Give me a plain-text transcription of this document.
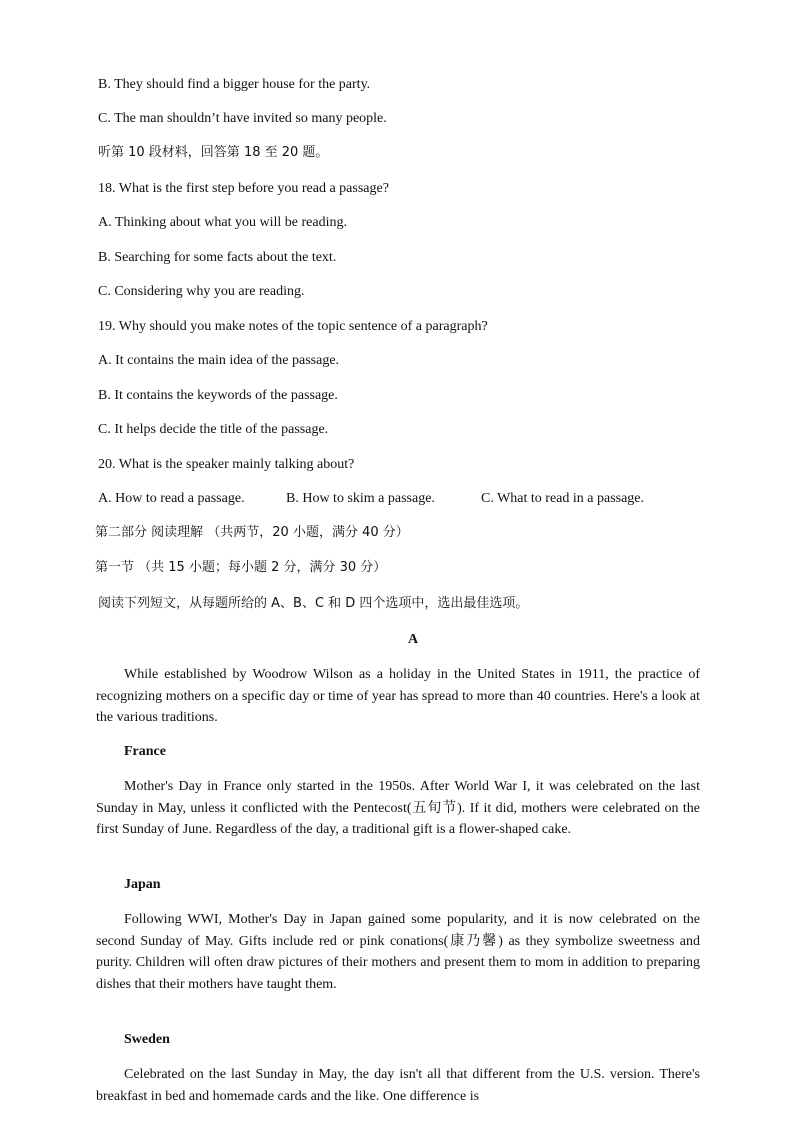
B. They should find a bigger house for the party.
C. The man shouldn’t have invited so many people.
听第 10 段材料，回答第 18 至 20 题。
18. What is the first step before you read a passage?
A. Thinking about what you will be reading.
B. Searching for some facts about the text.
C. Considering why you are reading.
19. Why should you make notes of the topic sentence of a paragraph?
A. It contains the main idea of the passage.
B. It contains the keywords of the passage.
C. It helps decide the title of the passage.
20. What is the speaker mainly talking about?
A. How to read a passage.	B. How to skim a passage.	C. What to read in a passage.
第二部分 阅读理解 （共两节，20 小题，满分 40 分）
第一节 （共 15 小题；每小题 2 分，满分 30 分）
阅读下列短文，从每题所给的 A、B、C 和 D 四个选项中，选出最佳选项。
A
While established by Woodrow Wilson as a holiday in the United States in 1911, the practice of recognizing mothers on a specific day or time of year has spread to more than 40 countries. Here's a look at the various traditions.
France
Mother's Day in France only started in the 1950s. After World War I, it was celebrated on the last Sunday in May, unless it conflicted with the Pentecost(五旬节). If it did, mothers were celebrated on the first Sunday of June. Regardless of the day, a traditional gift is a flower-shaped cake.
Japan
Following WWI, Mother's Day in Japan gained some popularity, and it is now celebrated on the second Sunday of May. Gifts include red or pink conations(康乃馨) as they symbolize sweetness and purity. Children will often draw pictures of their mothers and present them to mom in addition to preparing dishes that their mothers have taught them.
Sweden
Celebrated on the last Sunday in May, the day isn't all that different from the U.S. version. There's breakfast in bed and homemade cards and the like. One difference is
